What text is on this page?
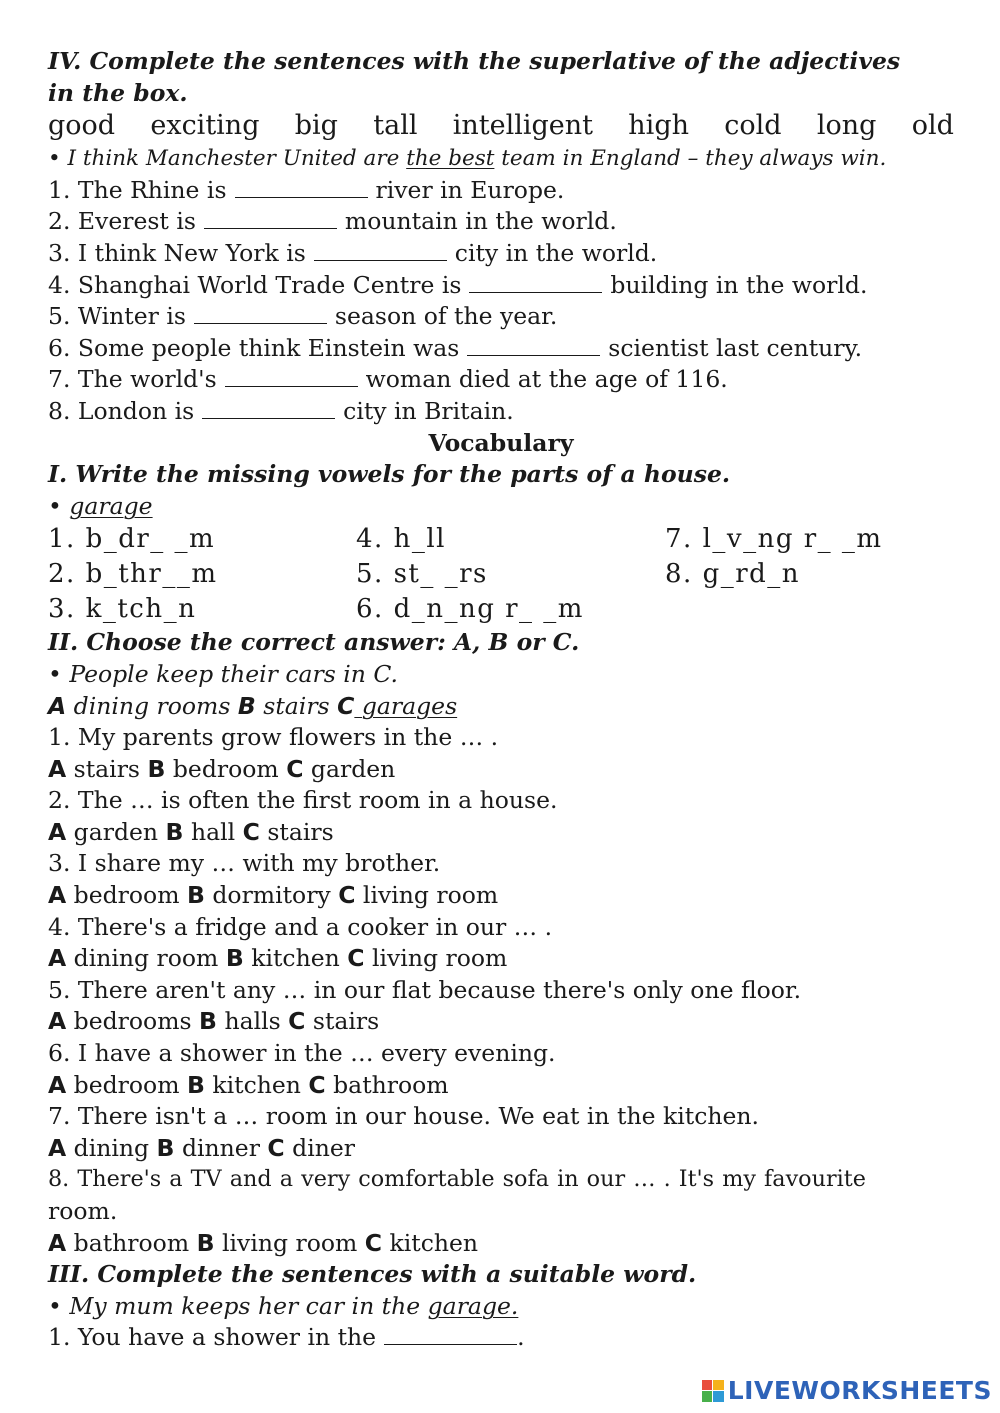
IV. Complete the sentences with the superlative of the adjectives
in the box.
good exciting big tall intelligent high cold long old
• I think Manchester United are the best team in England – they always win.
1. The Rhine is	river in Europe.
2. Everest is	mountain in the world.
3. I think New York is	city in the world.
4. Shanghai World Trade Centre is	building in the world.
5. Winter is	season of the year.
6. Some people think Einstein was	scientist last century.
7. The world's	woman died at the age of 116.
8. London is	city in Britain.
Vocabulary
I. Write the missing vowels for the parts of a house.
• garage
1. b_dr_ _m	4. h_ll	7. l_v_ng r_ _m
2. b_thr__m	5. st_ _rs	8. g_rd_n
3. k_tch_n	6. d_n_ng r_ _m
II. Choose the correct answer: A, B or C.
• People keep their cars in C.
A dining rooms B stairs C garages
1. My parents grow flowers in the … .
A stairs B bedroom C garden
2. The … is often the first room in a house.
A garden B hall C stairs
3. I share my … with my brother.
A bedroom B dormitory C living room
4. There's a fridge and a cooker in our … .
A dining room B kitchen C living room
5. There aren't any … in our flat because there's only one floor.
A bedrooms B halls C stairs
6. I have a shower in the … every evening.
A bedroom B kitchen C bathroom
7. There isn't a … room in our house. We eat in the kitchen.
A dining B dinner C diner
8. There's a TV and a very comfortable sofa in our … . It's my favourite
room.
A bathroom B living room C kitchen
III. Complete the sentences with a suitable word.
• My mum keeps her car in the garage.
1. You have a shower in the	.
LIVEWORKSHEETS
